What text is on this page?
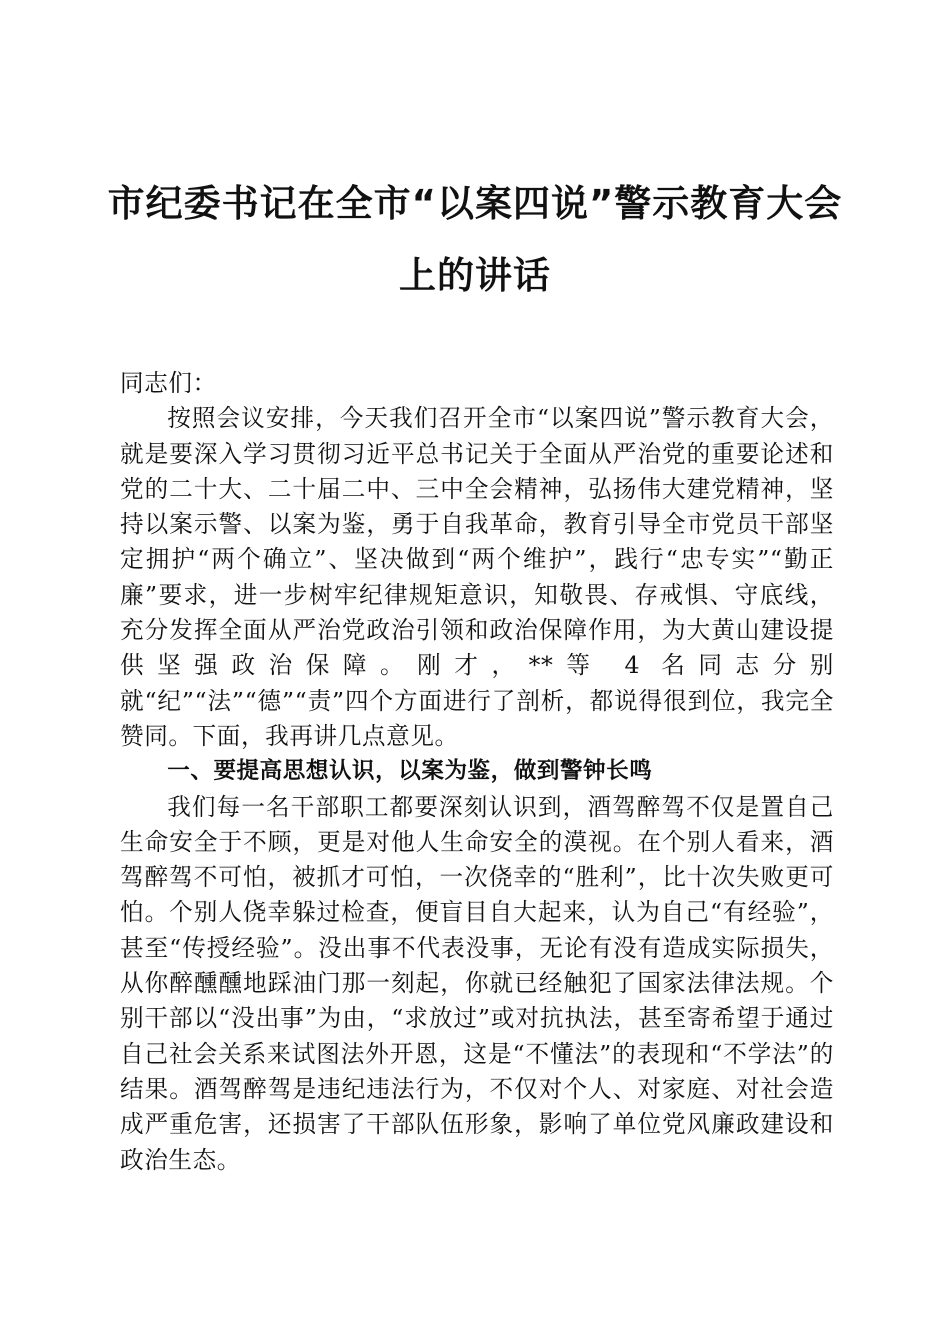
市纪委书记在全市“以案四说”警示教育大会
上的讲话

同志们：

按照会议安排，今天我们召开全市“以案四说”警示教育大会，就是要深入学习贯彻习近平总书记关于全面从严治党的重要论述和党的二十大、二十届二中、三中全会精神，弘扬伟大建党精神，坚持以案示警、以案为鉴，勇于自我革命，教育引导全市党员干部坚定拥护“两个确立”、坚决做到“两个维护”，践行“忠专实”“勤正廉”要求，进一步树牢纪律规矩意识，知敬畏、存戒惧、守底线，充分发挥全面从严治党政治引领和政治保障作用，为大黄山建设提供坚强政治保障。刚才，**等 4 名同志分别就“纪”“法”“德”“责”四个方面进行了剖析，都说得很到位，我完全赞同。下面，我再讲几点意见。

一、要提高思想认识，以案为鉴，做到警钟长鸣

我们每一名干部职工都要深刻认识到，酒驾醉驾不仅是置自己生命安全于不顾，更是对他人生命安全的漠视。在个别人看来，酒驾醉驾不可怕，被抓才可怕，一次侥幸的“胜利”，比十次失败更可怕。个别人侥幸躲过检查，便盲目自大起来，认为自己“有经验”，甚至“传授经验”。没出事不代表没事，无论有没有造成实际损失，从你醉醺醺地踩油门那一刻起，你就已经触犯了国家法律法规。个别干部以“没出事”为由，“求放过”或对抗执法，甚至寄希望于通过自己社会关系来试图法外开恩，这是“不懂法”的表现和“不学法”的结果。酒驾醉驾是违纪违法行为，不仅对个人、对家庭、对社会造成严重危害，还损害了干部队伍形象，影响了单位党风廉政建设和政治生态。
